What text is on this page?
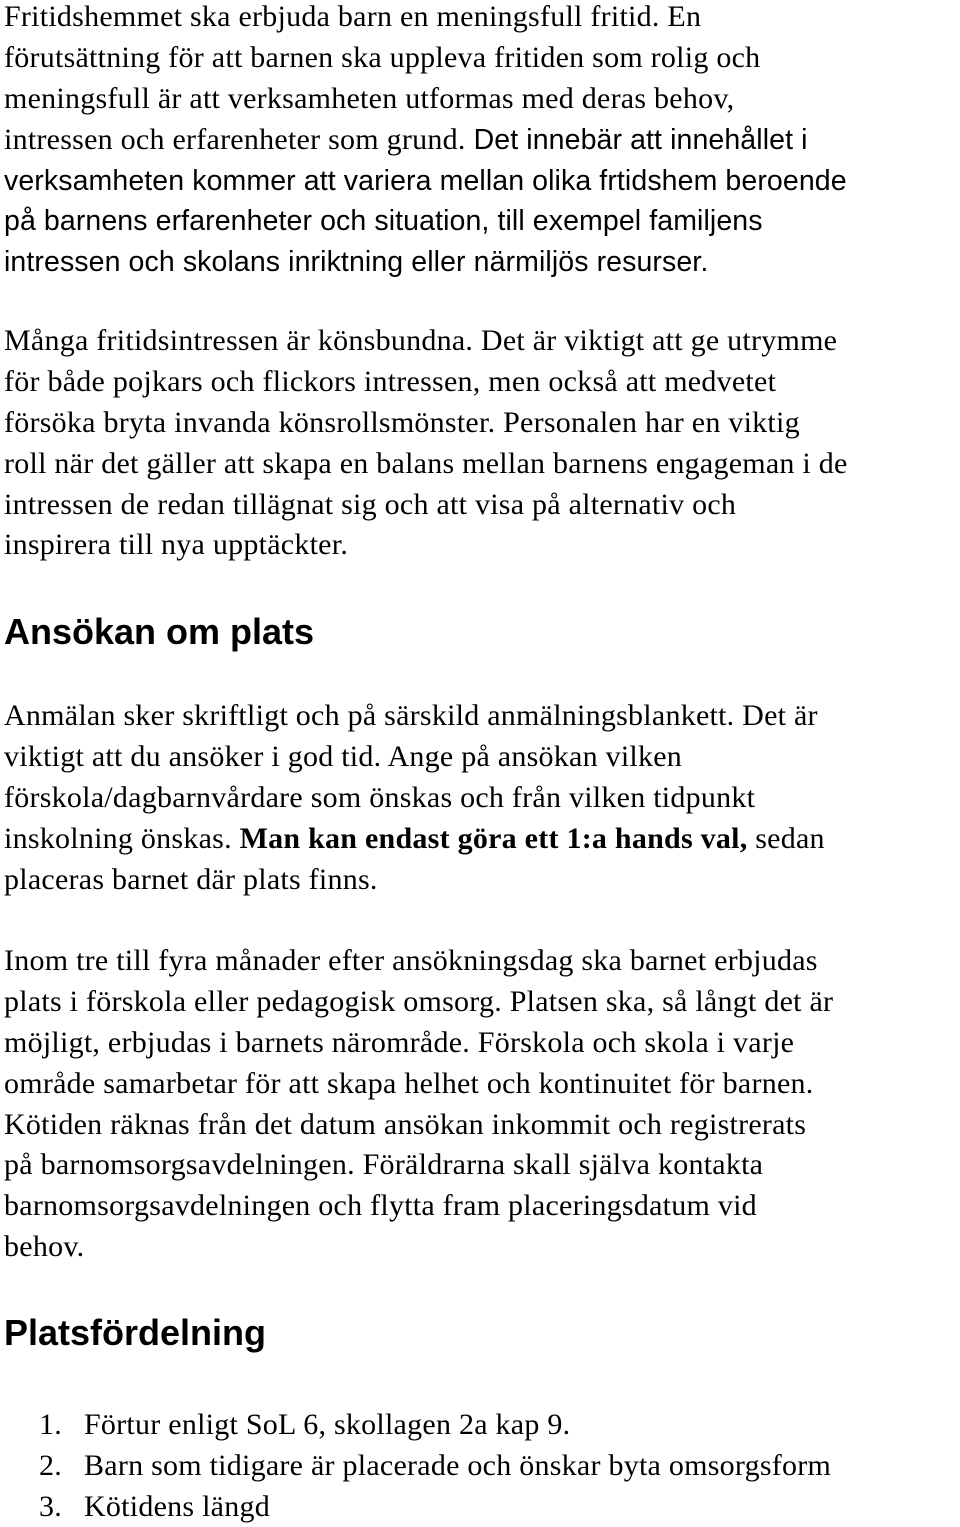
Fritidshemmet ska erbjuda barn en meningsfull fritid. En
förutsättning för att barnen ska uppleva fritiden som rolig och
meningsfull är att verksamheten utformas med deras behov,
intressen och erfarenheter som grund. Det innebär att innehållet i
verksamheten kommer att variera mellan olika frtidshem beroende
på barnens erfarenheter och situation, till exempel familjens
intressen och skolans inriktning eller närmiljös resurser.
Många fritidsintressen är könsbundna. Det är viktigt att ge utrymme
för både pojkars och flickors intressen, men också att medvetet
försöka bryta invanda könsrollsmönster. Personalen har en viktig
roll när det gäller att skapa en balans mellan barnens engageman i de
intressen de redan tillägnat sig och att visa på alternativ och
inspirera till nya upptäckter.
Ansökan om plats
Anmälan sker skriftligt och på särskild anmälningsblankett. Det är
viktigt att du ansöker i god tid. Ange på ansökan vilken
förskola/dagbarnvårdare som önskas och från vilken tidpunkt
inskolning önskas. Man kan endast göra ett 1:a hands val, sedan
placeras barnet där plats finns.
Inom tre till fyra månader efter ansökningsdag ska barnet erbjudas
plats i förskola eller pedagogisk omsorg. Platsen ska, så långt det är
möjligt, erbjudas i barnets närområde. Förskola och skola i varje
område samarbetar för att skapa helhet och kontinuitet för barnen.
Kötiden räknas från det datum ansökan inkommit och registrerats
på barnomsorgsavdelningen. Föräldrarna skall själva kontakta
barnomsorgsavdelningen och flytta fram placeringsdatum vid
behov.
Platsfördelning
1. Förtur enligt SoL 6, skollagen 2a kap 9.
2. Barn som tidigare är placerade och önskar byta omsorgsform
3. Kötidens längd
